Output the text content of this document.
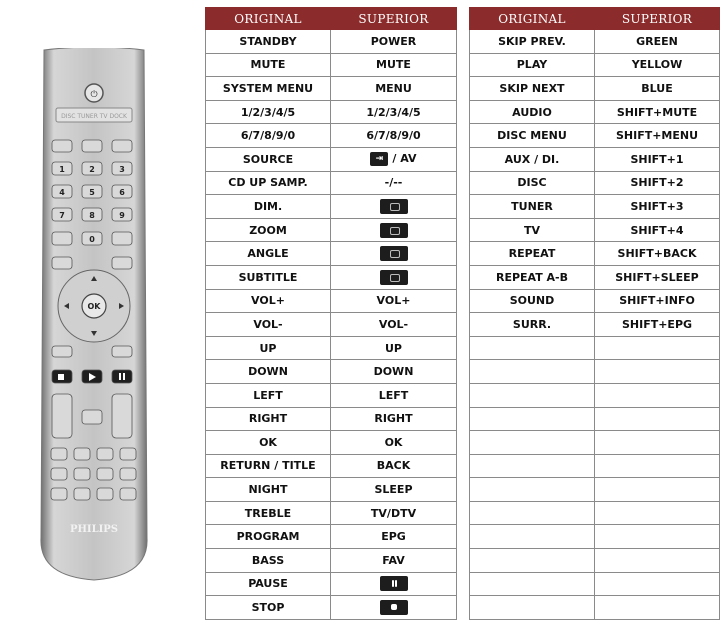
⏻
DISC TUNER TV DOCK
1	2	3
4	5	6
7	8	9
0
OK
PHILIPS
ORIGINAL	SUPERIOR
STANDBY	POWER
MUTE	MUTE
SYSTEM MENU	MENU
1/2/3/4/5	1/2/3/4/5
6/7/8/9/0	6/7/8/9/0
SOURCE	⇥ / AV
CD UP SAMP.	-/--
DIM.	
ZOOM	
ANGLE	
SUBTITLE	
VOL+	VOL+
VOL-	VOL-
UP	UP
DOWN	DOWN
LEFT	LEFT
RIGHT	RIGHT
OK	OK
RETURN / TITLE	BACK
NIGHT	SLEEP
TREBLE	TV/DTV
PROGRAM	EPG
BASS	FAV
PAUSE	
STOP	
ORIGINAL	SUPERIOR
SKIP PREV.	GREEN
PLAY	YELLOW
SKIP NEXT	BLUE
AUDIO	SHIFT+MUTE
DISC MENU	SHIFT+MENU
AUX / DI.	SHIFT+1
DISC	SHIFT+2
TUNER	SHIFT+3
TV	SHIFT+4
REPEAT	SHIFT+BACK
REPEAT A-B	SHIFT+SLEEP
SOUND	SHIFT+INFO
SURR.	SHIFT+EPG
